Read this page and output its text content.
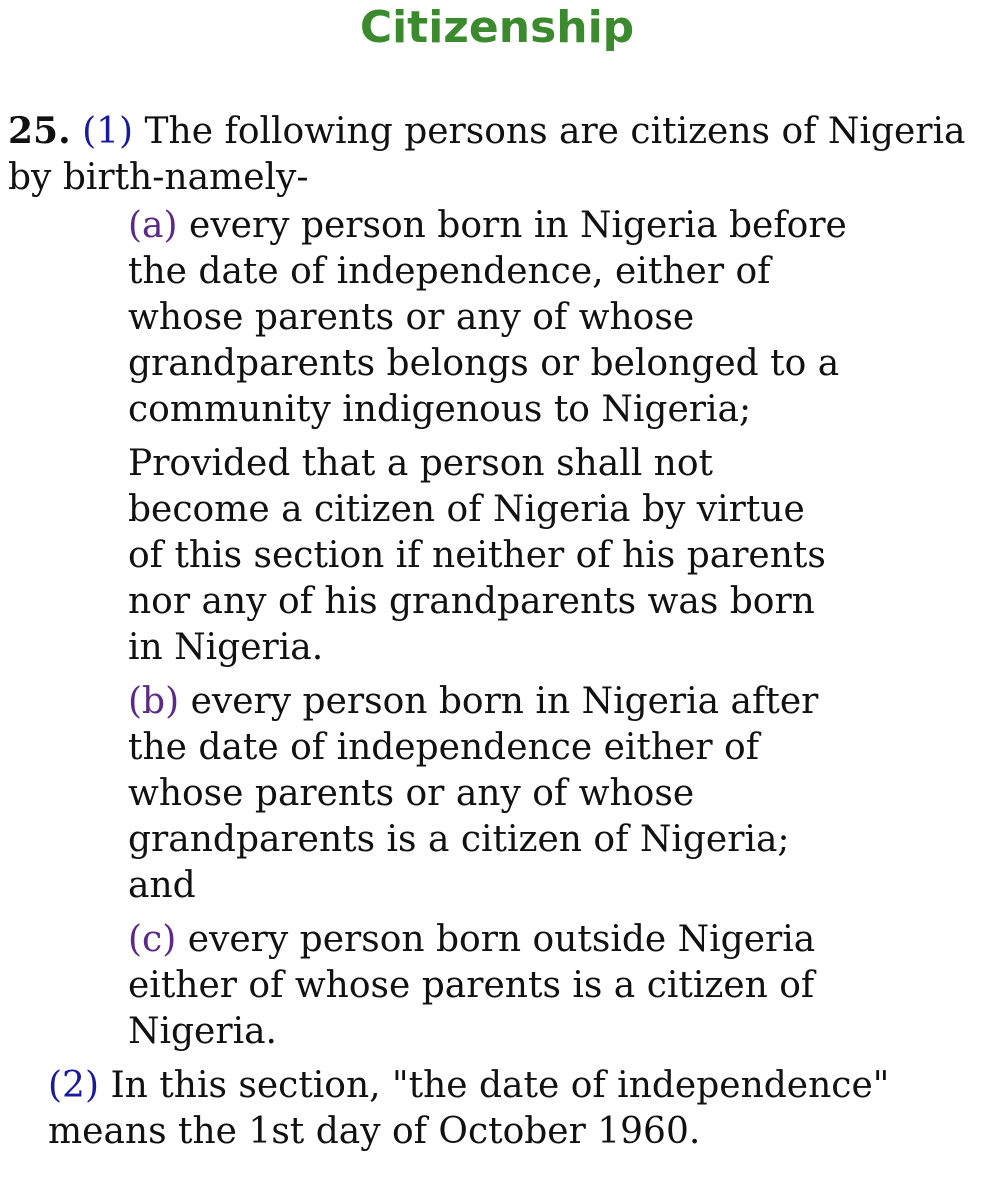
Citizenship

25. (1) The following persons are citizens of Nigeria by birth-namely-

(a) every person born in Nigeria before the date of independence, either of whose parents or any of whose grandparents belongs or belonged to a community indigenous to Nigeria;

Provided that a person shall not become a citizen of Nigeria by virtue of this section if neither of his parents nor any of his grandparents was born in Nigeria.

(b) every person born in Nigeria after the date of independence either of whose parents or any of whose grandparents is a citizen of Nigeria; and

(c) every person born outside Nigeria either of whose parents is a citizen of Nigeria.

(2) In this section, "the date of independence" means the 1st day of October 1960.
